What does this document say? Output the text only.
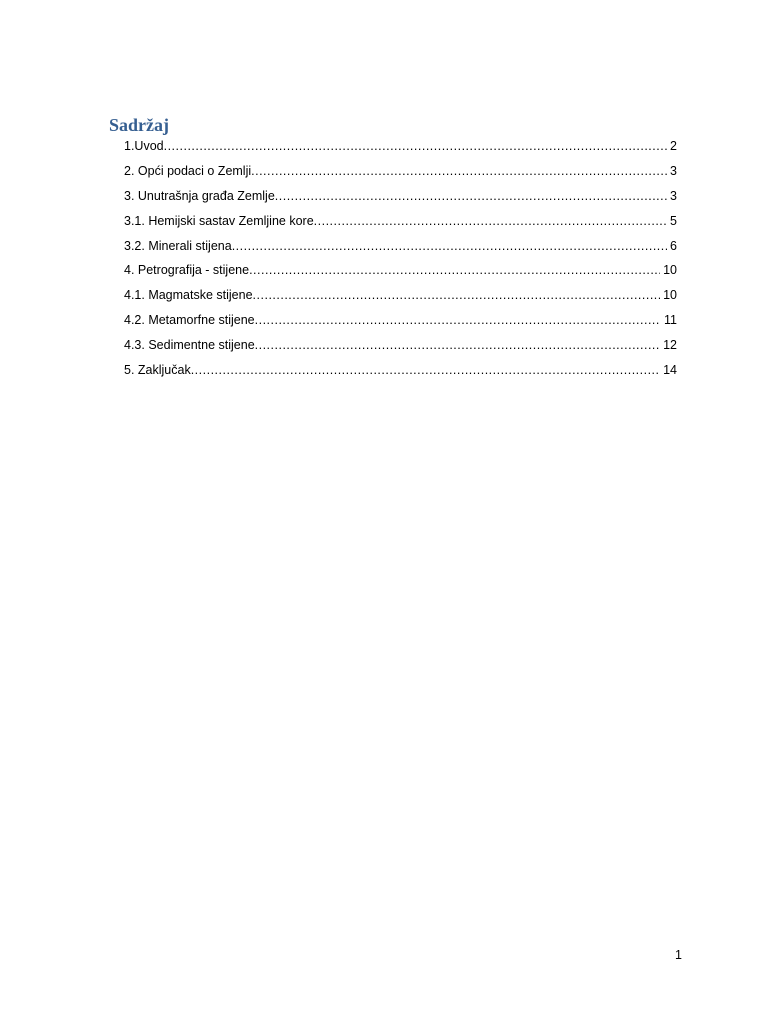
Sadržaj
1.Uvod .....	2
2. Opći podaci o Zemlji .....	3
3. Unutrašnja građa Zemlje .....	3
3.1. Hemijski sastav Zemljine kore .....	5
3.2. Minerali stijena .....	6
4. Petrografija - stijene .....	10
4.1. Magmatske stijene .....	10
4.2. Metamorfne stijene .....	11
4.3. Sedimentne stijene .....	12
5. Zaključak .....	14
1
